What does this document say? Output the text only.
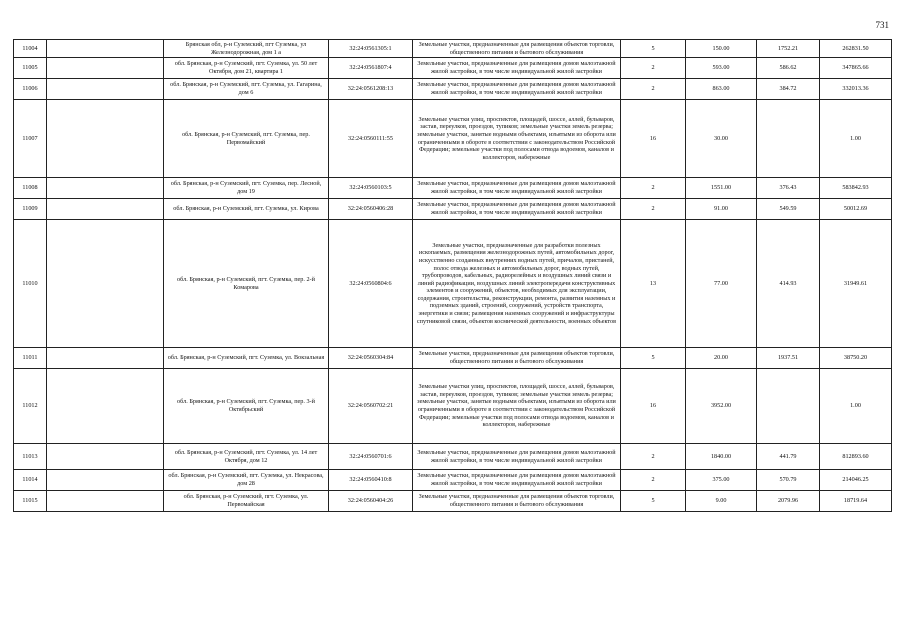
731
11004		Брянская обл, р-н Суземский, пгт Суземка, ул Железнодорожная, дом 1 а	32:24:0561305:1	Земельные участки, предназначенные для размещения объектов торговли, общественного питания и бытового обслуживания	5	150.00	1752.21	262831.50
11005		обл. Брянская, р-н Суземский, пгт. Суземка, ул. 50 лет Октября, дом 21, квартира 1	32:24:0561807:4	Земельные участки, предназначенные для размещения домов малоэтажной жилой застройки, в том числе индивидуальной жилой застройки	2	593.00	586.62	347865.66
11006		обл. Брянская, р-н Суземский, пгт. Суземка, ул. Гагарина, дом 6	32:24:0561208:13	Земельные участки, предназначенные для размещения домов малоэтажной жилой застройки, в том числе индивидуальной жилой застройки	2	863.00	384.72	332013.36
11007		обл. Брянская, р-н Суземский, пгт. Суземка, пер. Первомайский	32:24:0560111:55	Земельные участки улиц, проспектов, площадей, шоссе, аллей, бульваров, застав, переулков, проездов, тупиков; земельные участки земель резерва; земельные участки, занятые водными объектами, изъятыми из оборота или ограниченными в обороте в соответствии с законодательством Российской Федерации; земельные участки под полосами отвода водоемов, каналов и коллекторов, набережные	16	30.00		1.00
11008		обл. Брянская, р-н Суземский, пгт. Суземка, пер. Лесной, дом 19	32:24:0560103:5	Земельные участки, предназначенные для размещения домов малоэтажной жилой застройки, в том числе индивидуальной жилой застройки	2	1551.00	376.43	583842.93
11009		обл. Брянская, р-н Суземский, пгт. Суземка, ул. Кирова	32:24:0560406:28	Земельные участки, предназначенные для размещения домов малоэтажной жилой застройки, в том числе индивидуальной жилой застройки	2	91.00	549.59	50012.69
11010		обл. Брянская, р-н Суземский, пгт. Суземка, пер. 2-й Комарова	32:24:0560804:6	Земельные участки, предназначенные для разработки полезных ископаемых, размещения железнодорожных путей, автомобильных дорог, искусственно созданных внутренних водных путей, причалов, пристаней, полос отвода железных и автомобильных дорог, водных путей, трубопроводов, кабельных, радиорелейных и воздушных линий связи и линий радиофикации, воздушных линий электропередачи конструктивных элементов и сооружений, объектов, необходимых для эксплуатации, содержания, строительства, реконструкции, ремонта, развития наземных и подземных зданий, строений, сооружений, устройств транспорта, энергетики и связи; размещения наземных сооружений и инфраструктуры спутниковой связи, объектов космической деятельности, военных объектов	13	77.00	414.93	31949.61
11011		обл. Брянская, р-н Суземский, пгт. Суземка, ул. Вокзальная	32:24:0560304:84	Земельные участки, предназначенные для размещения объектов торговли, общественного питания и бытового обслуживания	5	20.00	1937.51	38750.20
11012		обл. Брянская, р-н Суземский, пгт. Суземка, пер. 3-й Октябрьский	32:24:0560702:21	Земельные участки улиц, проспектов, площадей, шоссе, аллей, бульваров, застав, переулков, проездов, тупиков; земельные участки земель резерва; земельные участки, занятые водными объектами, изъятыми из оборота или ограниченными в обороте в соответствии с законодательством Российской Федерации; земельные участки под полосами отвода водоемов, каналов и коллекторов, набережные	16	3952.00		1.00
11013		обл. Брянская, р-н Суземский, пгт. Суземка, ул. 14 лет Октября, дом 12	32:24:0560701:6	Земельные участки, предназначенные для размещения домов малоэтажной жилой застройки, в том числе индивидуальной жилой застройки	2	1840.00	441.79	812893.60
11014		обл. Брянская, р-н Суземский, пгт. Суземка, ул. Некрасова, дом 28	32:24:0560410:8	Земельные участки, предназначенные для размещения домов малоэтажной жилой застройки, в том числе индивидуальной жилой застройки	2	375.00	570.79	214046.25
11015		обл. Брянская, р-н Суземский, пгт. Суземка, ул. Первомайская	32:24:0560404:26	Земельные участки, предназначенные для размещения объектов торговли, общественного питания и бытового обслуживания	5	9.00	2079.96	18719.64
